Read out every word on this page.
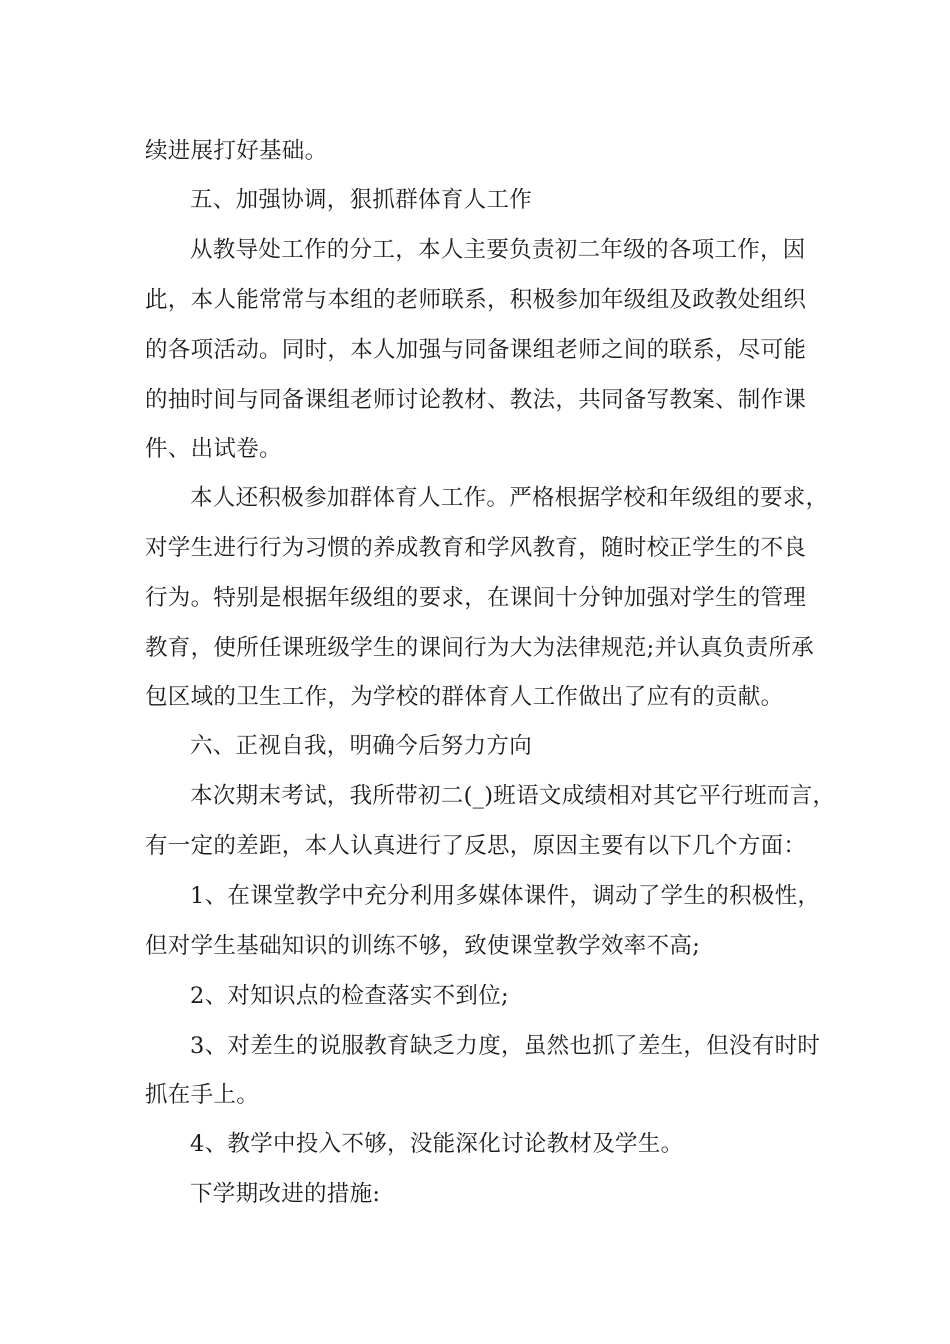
续进展打好基础。
五、加强协调，狠抓群体育人工作
从教导处工作的分工，本人主要负责初二年级的各项工作，因
此，本人能常常与本组的老师联系，积极参加年级组及政教处组织
的各项活动。同时，本人加强与同备课组老师之间的联系，尽可能
的抽时间与同备课组老师讨论教材、教法，共同备写教案、制作课
件、出试卷。
本人还积极参加群体育人工作。严格根据学校和年级组的要求，
对学生进行行为习惯的养成教育和学风教育，随时校正学生的不良
行为。特别是根据年级组的要求，在课间十分钟加强对学生的管理
教育，使所任课班级学生的课间行为大为法律规范;并认真负责所承
包区域的卫生工作，为学校的群体育人工作做出了应有的贡献。
六、正视自我，明确今后努力方向
本次期末考试，我所带初二(_)班语文成绩相对其它平行班而言，
有一定的差距，本人认真进行了反思，原因主要有以下几个方面：
1、在课堂教学中充分利用多媒体课件，调动了学生的积极性，
但对学生基础知识的训练不够，致使课堂教学效率不高;
2、对知识点的检查落实不到位;
3、对差生的说服教育缺乏力度，虽然也抓了差生，但没有时时
抓在手上。
4、教学中投入不够，没能深化讨论教材及学生。
下学期改进的措施:
